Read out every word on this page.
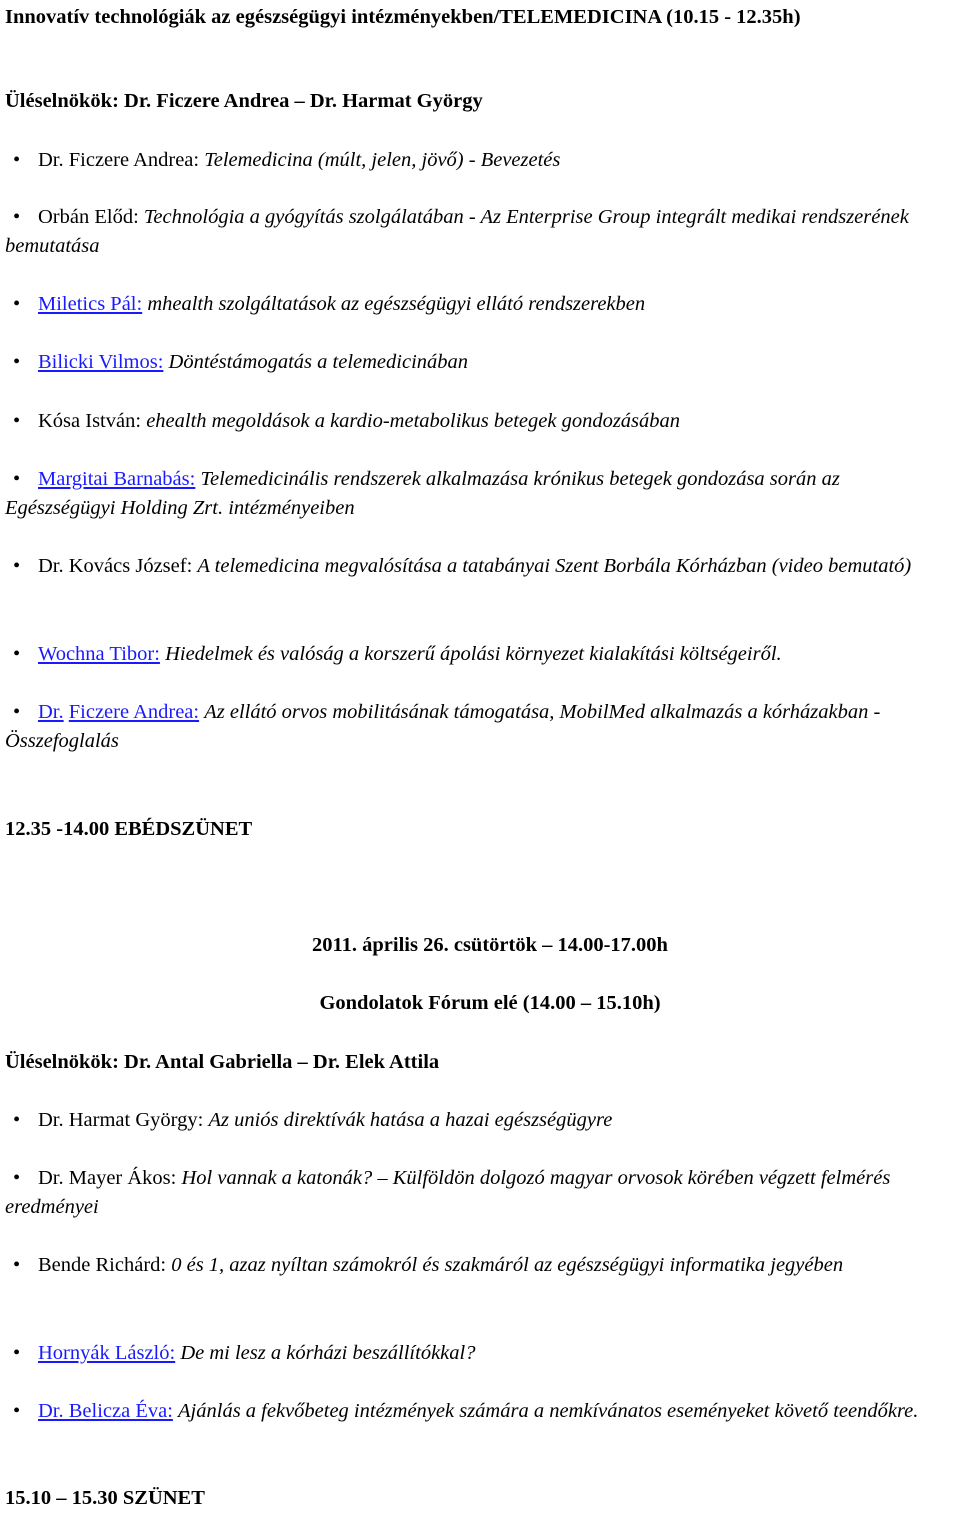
Innovatív technológiák az egészségügyi intézményekben/TELEMEDICINA (10.15 - 12.35h)
Üléselnökök: Dr. Ficzere Andrea – Dr. Harmat György
• Dr. Ficzere Andrea: Telemedicina (múlt, jelen, jövő) - Bevezetés
• Orbán Előd: Technológia a gyógyítás szolgálatában - Az Enterprise Group integrált medikai rendszerének bemutatása
• Miletics Pál: mhealth szolgáltatások az egészségügyi ellátó rendszerekben
• Bilicki Vilmos: Döntéstámogatás a telemedicinában
• Kósa István: ehealth megoldások a kardio-metabolikus betegek gondozásában
• Margitai Barnabás: Telemedicinális rendszerek alkalmazása krónikus betegek gondozása során az Egészségügyi Holding Zrt. intézményeiben
• Dr. Kovács József: A telemedicina megvalósítása a tatabányai Szent Borbála Kórházban (video bemutató)
• Wochna Tibor: Hiedelmek és valóság a korszerű ápolási környezet kialakítási költségeiről.
• Dr. Ficzere Andrea: Az ellátó orvos mobilitásának támogatása, MobilMed alkalmazás a kórházakban - Összefoglalás
12.35 -14.00 EBÉDSZÜNET
2011. április 26. csütörtök – 14.00-17.00h
Gondolatok Fórum elé (14.00 – 15.10h)
Üléselnökök: Dr. Antal Gabriella – Dr. Elek Attila
• Dr. Harmat György: Az uniós direktívák hatása a hazai egészségügyre
• Dr. Mayer Ákos: Hol vannak a katonák? – Külföldön dolgozó magyar orvosok körében végzett felmérés eredményei
• Bende Richárd: 0 és 1, azaz nyíltan számokról és szakmáról az egészségügyi informatika jegyében
• Hornyák László: De mi lesz a kórházi beszállítókkal?
• Dr. Belicza Éva: Ajánlás a fekvőbeteg intézmények számára a nemkívánatos eseményeket követő teendőkre.
15.10 – 15.30 SZÜNET
